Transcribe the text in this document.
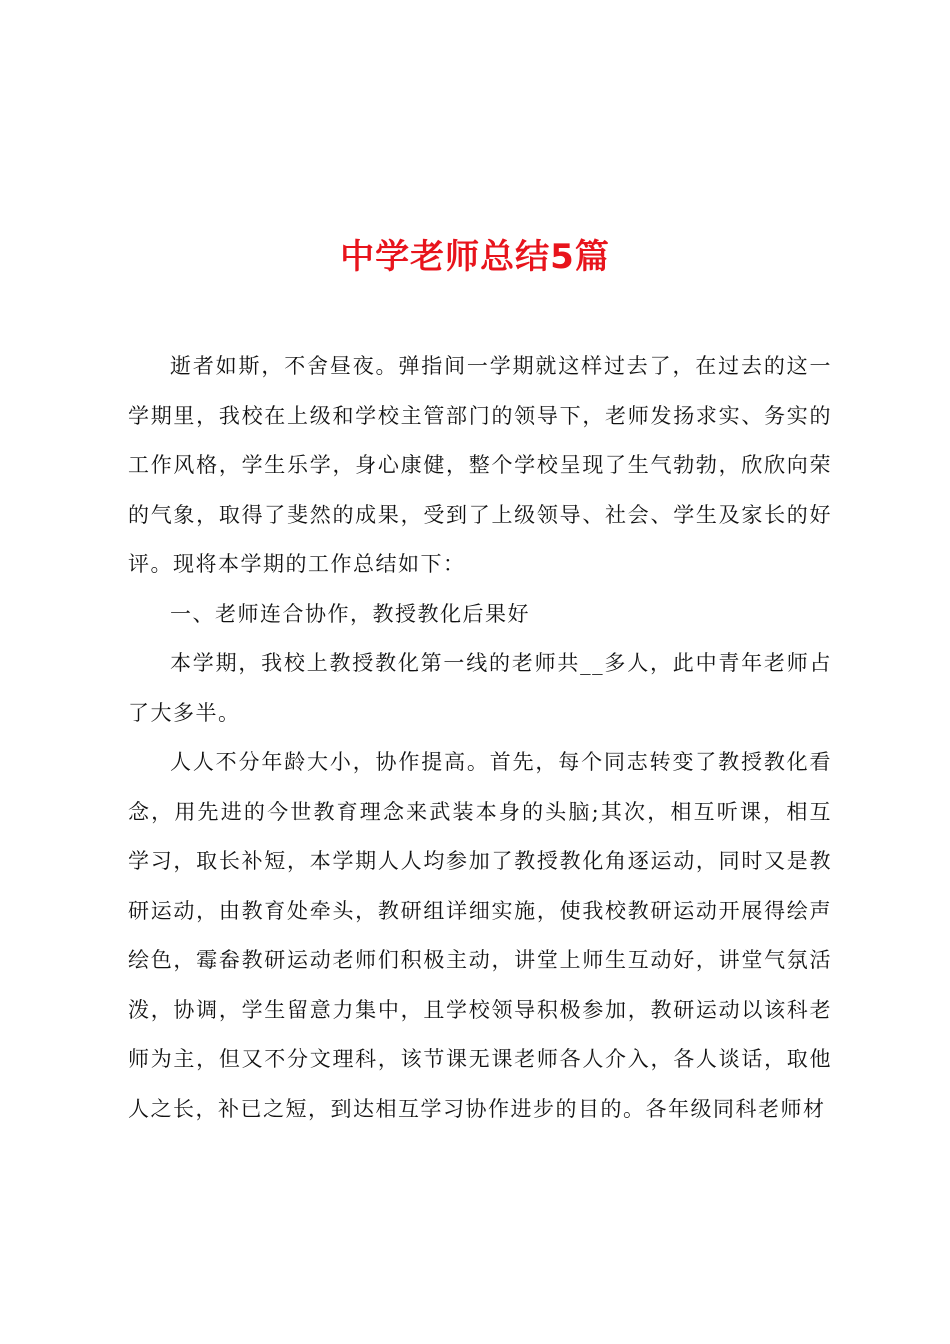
中学老师总结5篇

逝者如斯，不舍昼夜。弹指间一学期就这样过去了，在过去的这一学期里，我校在上级和学校主管部门的领导下，老师发扬求实、务实的工作风格，学生乐学，身心康健，整个学校呈现了生气勃勃，欣欣向荣的气象，取得了斐然的成果，受到了上级领导、社会、学生及家长的好评。现将本学期的工作总结如下：

一、老师连合协作，教授教化后果好

本学期，我校上教授教化第一线的老师共__多人，此中青年老师占了大多半。

人人不分年龄大小，协作提高。首先，每个同志转变了教授教化看念，用先进的今世教育理念来武装本身的头脑;其次，相互听课，相互学习，取长补短，本学期人人均参加了教授教化角逐运动，同时又是教研运动，由教育处牵头，教研组详细实施，使我校教研运动开展得绘声绘色，霉畚教研运动老师们积极主动，讲堂上师生互动好，讲堂气氛活泼，协调，学生留意力集中，且学校领导积极参加，教研运动以该科老师为主，但又不分文理科，该节课无课老师各人介入，各人谈话，取他人之长，补已之短，到达相互学习协作进步的目的。各年级同科老师材
